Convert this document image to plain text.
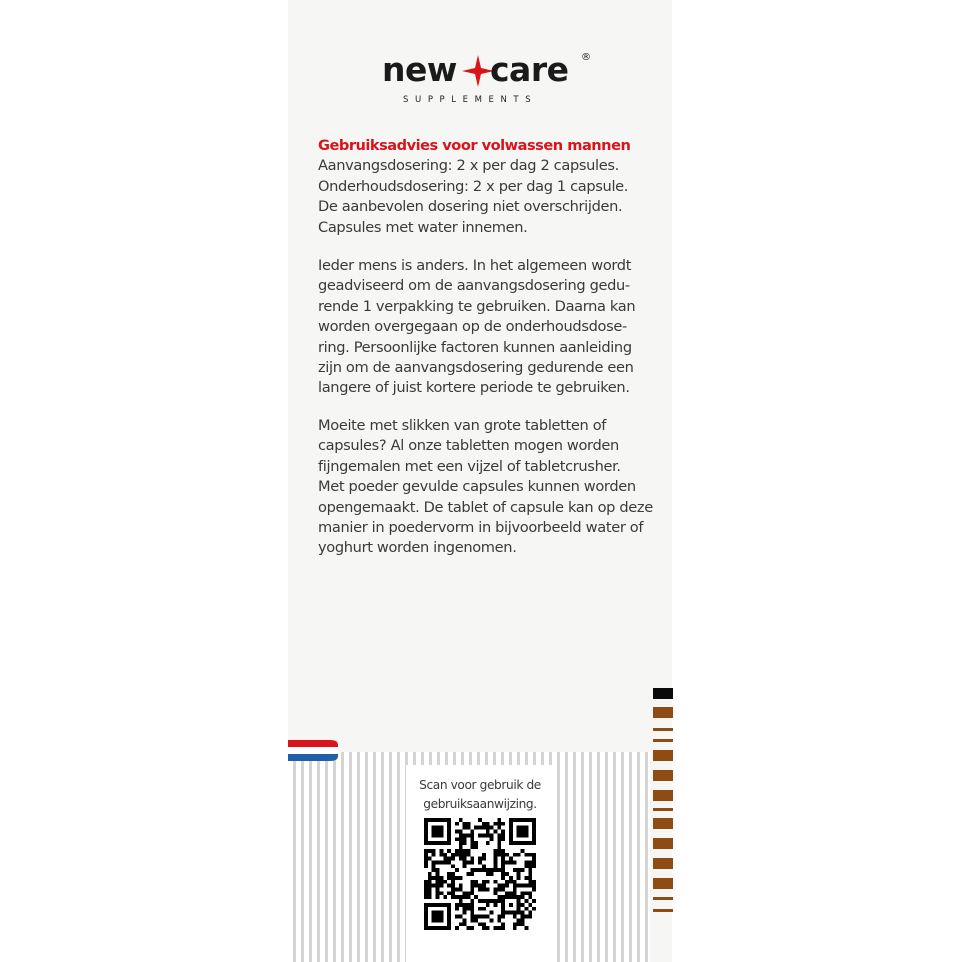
new care ®
SUPPLEMENTS
Gebruiksadvies voor volwassen mannen
Aanvangsdosering: 2 x per dag 2 capsules.
Onderhoudsdosering: 2 x per dag 1 capsule.
De aanbevolen dosering niet overschrijden.
Capsules met water innemen.
Ieder mens is anders. In het algemeen wordt
geadviseerd om de aanvangsdosering gedu-
rende 1 verpakking te gebruiken. Daarna kan
worden overgegaan op de onderhoudsdose-
ring. Persoonlijke factoren kunnen aanleiding
zijn om de aanvangsdosering gedurende een
langere of juist kortere periode te gebruiken.
Moeite met slikken van grote tabletten of
capsules? Al onze tabletten mogen worden
fijngemalen met een vijzel of tabletcrusher.
Met poeder gevulde capsules kunnen worden
opengemaakt. De tablet of capsule kan op deze
manier in poedervorm in bijvoorbeeld water of
yoghurt worden ingenomen.
Scan voor gebruik de
gebruiksaanwijzing.
